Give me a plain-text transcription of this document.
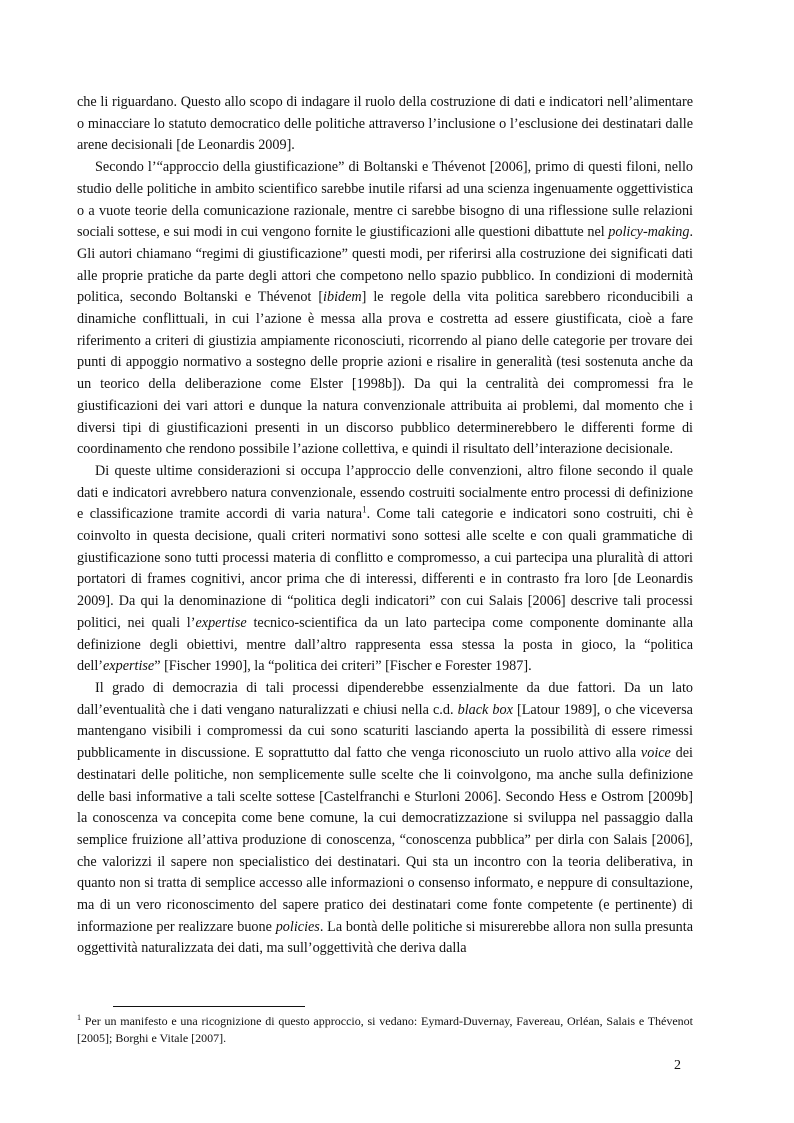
che li riguardano. Questo allo scopo di indagare il ruolo della costruzione di dati e indicatori nell’alimentare o minacciare lo statuto democratico delle politiche attraverso l’inclusione o l’esclusione dei destinatari dalle arene decisionali [de Leonardis 2009].

Secondo l’“approccio della giustificazione” di Boltanski e Thévenot [2006], primo di questi filoni, nello studio delle politiche in ambito scientifico sarebbe inutile rifarsi ad una scienza ingenuamente oggettivistica o a vuote teorie della comunicazione razionale, mentre ci sarebbe bisogno di una riflessione sulle relazioni sociali sottese, e sui modi in cui vengono fornite le giustificazioni alle questioni dibattute nel policy-making. Gli autori chiamano “regimi di giustificazione” questi modi, per riferirsi alla costruzione dei significati dati alle proprie pratiche da parte degli attori che competono nello spazio pubblico. In condizioni di modernità politica, secondo Boltanski e Thévenot [ibidem] le regole della vita politica sarebbero riconducibili a dinamiche conflittuali, in cui l’azione è messa alla prova e costretta ad essere giustificata, cioè a fare riferimento a criteri di giustizia ampiamente riconosciuti, ricorrendo al piano delle categorie per trovare dei punti di appoggio normativo a sostegno delle proprie azioni e risalire in generalità (tesi sostenuta anche da un teorico della deliberazione come Elster [1998b]). Da qui la centralità dei compromessi fra le giustificazioni dei vari attori e dunque la natura convenzionale attribuita ai problemi, dal momento che i diversi tipi di giustificazioni presenti in un discorso pubblico determinerebbero le differenti forme di coordinamento che rendono possibile l’azione collettiva, e quindi il risultato dell’interazione decisionale.

Di queste ultime considerazioni si occupa l’approccio delle convenzioni, altro filone secondo il quale dati e indicatori avrebbero natura convenzionale, essendo costruiti socialmente entro processi di definizione e classificazione tramite accordi di varia natura$^1$. Come tali categorie e indicatori sono costruiti, chi è coinvolto in questa decisione, quali criteri normativi sono sottesi alle scelte e con quali grammatiche di giustificazione sono tutti processi materia di conflitto e compromesso, a cui partecipa una pluralità di attori portatori di frames cognitivi, ancor prima che di interessi, differenti e in contrasto fra loro [de Leonardis 2009]. Da qui la denominazione di “politica degli indicatori” con cui Salais [2006] descrive tali processi politici, nei quali l’expertise tecnico-scientifica da un lato partecipa come componente dominante alla definizione degli obiettivi, mentre dall’altro rappresenta essa stessa la posta in gioco, la “politica dell’expertise” [Fischer 1990], la “politica dei criteri” [Fischer e Forester 1987].

Il grado di democrazia di tali processi dipenderebbe essenzialmente da due fattori. Da un lato dall’eventualità che i dati vengano naturalizzati e chiusi nella c.d. black box [Latour 1989], o che viceversa mantengano visibili i compromessi da cui sono scaturiti lasciando aperta la possibilità di essere rimessi pubblicamente in discussione. E soprattutto dal fatto che venga riconosciuto un ruolo attivo alla voice dei destinatari delle politiche, non semplicemente sulle scelte che li coinvolgono, ma anche sulla definizione delle basi informative a tali scelte sottese [Castelfranchi e Sturloni 2006]. Secondo Hess e Ostrom [2009b] la conoscenza va concepita come bene comune, la cui democratizzazione si sviluppa nel passaggio dalla semplice fruizione all’attiva produzione di conoscenza, “conoscenza pubblica” per dirla con Salais [2006], che valorizzi il sapere non specialistico dei destinatari. Qui sta un incontro con la teoria deliberativa, in quanto non si tratta di semplice accesso alle informazioni o consenso informato, e neppure di consultazione, ma di un vero riconoscimento del sapere pratico dei destinatari come fonte competente (e pertinente) di informazione per realizzare buone policies. La bontà delle politiche si misurerebbe allora non sulla presunta oggettività naturalizzata dei dati, ma sull’oggettività che deriva dalla

$^1$ Per un manifesto e una ricognizione di questo approccio, si vedano: Eymard-Duvernay, Favereau, Orléan, Salais e Thévenot [2005]; Borghi e Vitale [2007].
2
